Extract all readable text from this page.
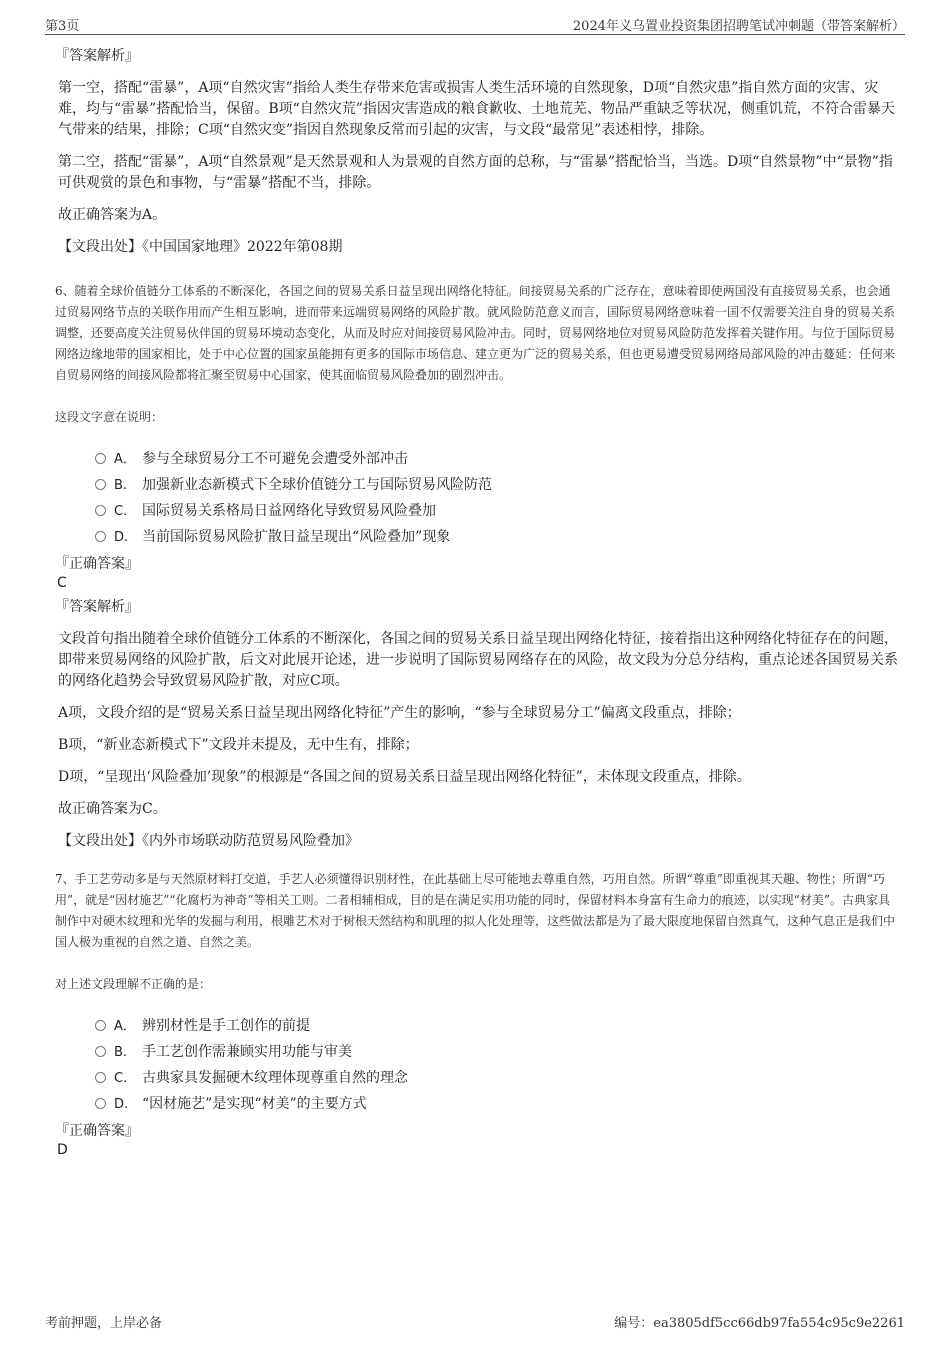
第3页	2024年义乌置业投资集团招聘笔试冲刺题（带答案解析）

『答案解析』

第一空，搭配“雷暴”，A项“自然灾害”指给人类生存带来危害或损害人类生活环境的自然现象，D项“自然灾患”指自然方面的灾害、灾难，均与“雷暴”搭配恰当，保留。B项“自然灾荒”指因灾害造成的粮食歉收、土地荒芜、物品严重缺乏等状况，侧重饥荒，不符合雷暴天气带来的结果，排除；C项“自然灾变”指因自然现象反常而引起的灾害，与文段“最常见”表述相悖，排除。

第二空，搭配“雷暴”，A项“自然景观”是天然景观和人为景观的自然方面的总称，与“雷暴”搭配恰当，当选。D项“自然景物”中“景物”指可供观赏的景色和事物，与“雷暴”搭配不当，排除。

故正确答案为A。

【文段出处】《中国国家地理》2022年第08期
6、随着全球价值链分工体系的不断深化，各国之间的贸易关系日益呈现出网络化特征。间接贸易关系的广泛存在，意味着即使两国没有直接贸易关系，也会通过贸易网络节点的关联作用而产生相互影响，进而带来远端贸易网络的风险扩散。就风险防范意义而言，国际贸易网络意味着一国不仅需要关注自身的贸易关系调整，还要高度关注贸易伙伴国的贸易环境动态变化，从而及时应对间接贸易风险冲击。同时，贸易网络地位对贸易风险防范发挥着关键作用。与位于国际贸易网络边缘地带的国家相比，处于中心位置的国家虽能拥有更多的国际市场信息、建立更为广泛的贸易关系，但也更易遭受贸易网络局部风险的冲击蔓延：任何来自贸易网络的间接风险都将汇聚至贸易中心国家，使其面临贸易风险叠加的剧烈冲击。
这段文字意在说明：
A． 参与全球贸易分工不可避免会遭受外部冲击
B. 加强新业态新模式下全球价值链分工与国际贸易风险防范
C. 国际贸易关系格局日益网络化导致贸易风险叠加
D. 当前国际贸易风险扩散日益呈现出“风险叠加”现象

『正确答案』

C

『答案解析』

文段首句指出随着全球价值链分工体系的不断深化，各国之间的贸易关系日益呈现出网络化特征，接着指出这种网络化特征存在的问题，即带来贸易网络的风险扩散，后文对此展开论述，进一步说明了国际贸易网络存在的风险，故文段为分总分结构，重点论述各国贸易关系的网络化趋势会导致贸易风险扩散，对应C项。

A项，文段介绍的是“贸易关系日益呈现出网络化特征”产生的影响，“参与全球贸易分工”偏离文段重点，排除；

B项，“新业态新模式下”文段并未提及，无中生有，排除；

D项，“呈现出‘风险叠加’现象”的根源是“各国之间的贸易关系日益呈现出网络化特征”，未体现文段重点，排除。

故正确答案为C。

【文段出处】《内外市场联动防范贸易风险叠加》
7、手工艺劳动多是与天然原材料打交道，手艺人必须懂得识别材性，在此基础上尽可能地去尊重自然，巧用自然。所谓“尊重”即重视其天趣、物性；所谓“巧用”，就是“因材施艺”“化腐朽为神奇”等相关工则。二者相辅相成，目的是在满足实用功能的同时，保留材料本身富有生命力的痕迹，以实现“材美”。古典家具制作中对硬木纹理和光华的发掘与利用，根雕艺术对于树根天然结构和肌理的拟人化处理等，这些做法都是为了最大限度地保留自然真气，这种气息正是我们中国人极为重视的自然之道、自然之美。
对上述文段理解不正确的是：
A． 辨别材性是手工创作的前提
B. 手工艺创作需兼顾实用功能与审美
C. 古典家具发掘硬木纹理体现尊重自然的理念
D. “因材施艺”是实现“材美”的主要方式

『正确答案』

D

考前押题，上岸必备	编号：ea3805df5cc66db97fa554c95c9e2261
